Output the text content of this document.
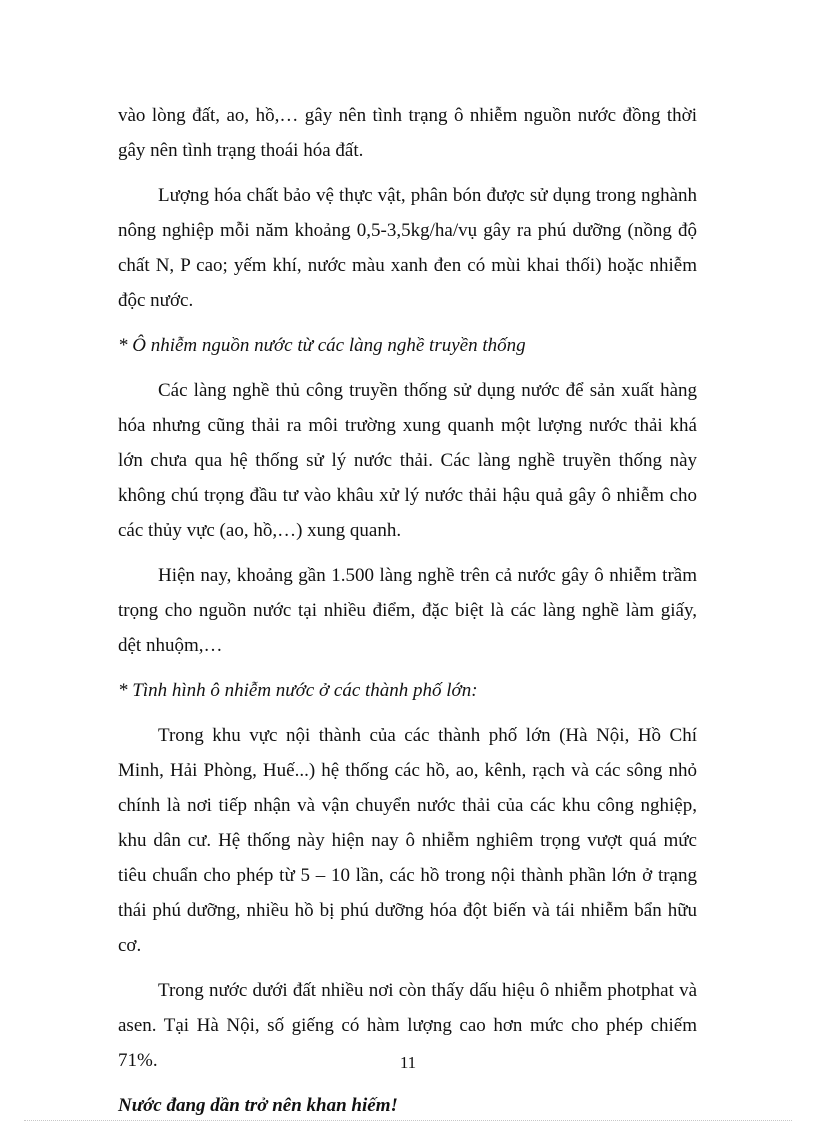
vào lòng đất, ao, hồ,… gây nên tình trạng ô nhiễm nguồn nước đồng thời gây nên tình trạng thoái hóa đất.

Lượng hóa chất bảo vệ thực vật, phân bón được sử dụng trong nghành nông nghiệp mỗi năm khoảng 0,5-3,5kg/ha/vụ gây ra phú dưỡng (nồng độ chất N, P cao; yếm khí, nước màu xanh đen có mùi khai thối) hoặc nhiễm độc nước.

* Ô nhiễm nguồn nước từ các làng nghề truyền thống

Các làng nghề thủ công truyền thống sử dụng nước để sản xuất hàng hóa nhưng cũng thải ra môi trường xung quanh một lượng nước thải khá lớn chưa qua hệ thống sử lý nước thải. Các làng nghề truyền thống này không chú trọng đầu tư vào khâu xử lý nước thải hậu quả gây ô nhiễm cho các thủy vực (ao, hồ,…) xung quanh.

Hiện nay, khoảng gần 1.500 làng nghề trên cả nước gây ô nhiễm trầm trọng cho nguồn nước tại nhiều điểm, đặc biệt là các làng nghề làm giấy, dệt nhuộm,…

* Tình hình ô nhiễm nước ở các thành phố lớn:

Trong khu vực nội thành của các thành phố lớn (Hà Nội, Hồ Chí Minh, Hải Phòng, Huế...) hệ thống các hồ, ao, kênh, rạch và các sông nhỏ chính là nơi tiếp nhận và vận chuyển nước thải của các khu công nghiệp, khu dân cư. Hệ thống này hiện nay ô nhiễm nghiêm trọng vượt quá mức tiêu chuẩn cho phép từ 5 – 10 lần, các hồ trong nội thành phần lớn ở trạng thái phú dưỡng, nhiều hồ bị phú dưỡng hóa đột biến và tái nhiễm bẩn hữu cơ.

Trong nước dưới đất nhiều nơi còn thấy dấu hiệu ô nhiễm photphat và asen. Tại Hà Nội, số giếng có hàm lượng cao hơn mức cho phép chiếm 71%.

Nước đang dần trở nên khan hiếm!

11
